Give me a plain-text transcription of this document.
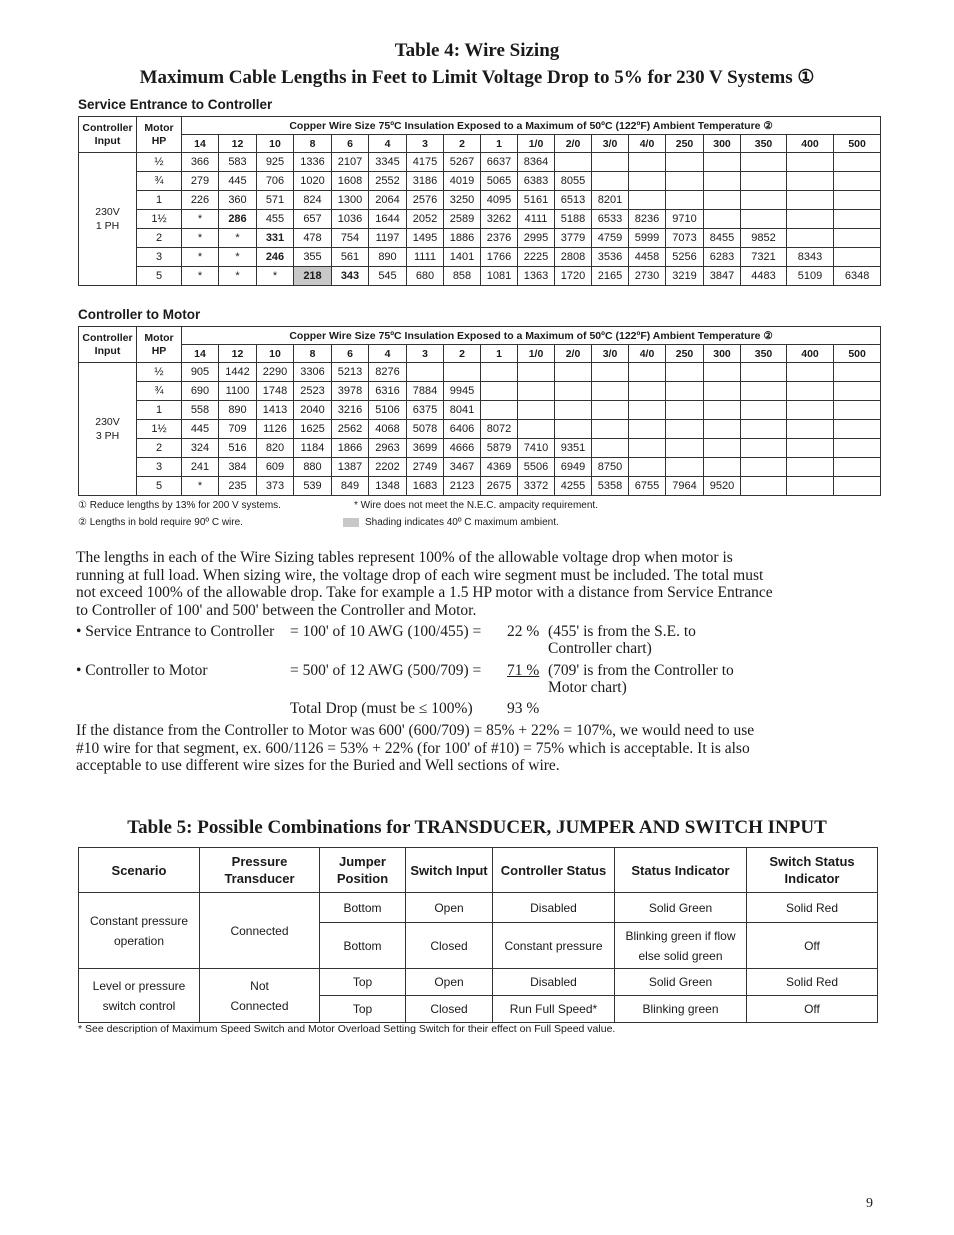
Table 4: Wire Sizing
Maximum Cable Lengths in Feet to Limit Voltage Drop to 5% for 230 V Systems ①
Service Entrance to Controller
Controller Input	Motor HP	Copper Wire Size 75ºC Insulation Exposed to a Maximum of 50ºC (122ºF) Ambient Temperature ②																	
		14	12	10	8	6	4	3	2	1	1/0	2/0	3/0	4/0	250	300	350	400	500
230V 1 PH	½	366	583	925	1336	2107	3345	4175	5267	6637	8364								
	¾	279	445	706	1020	1608	2552	3186	4019	5065	6383	8055							
	1	226	360	571	824	1300	2064	2576	3250	4095	5161	6513	8201						
	1½	*	286	455	657	1036	1644	2052	2589	3262	4111	5188	6533	8236	9710				
	2	*	*	331	478	754	1197	1495	1886	2376	2995	3779	4759	5999	7073	8455	9852		
	3	*	*	246	355	561	890	1111	1401	1766	2225	2808	3536	4458	5256	6283	7321	8343	
	5	*	*	*	218	343	545	680	858	1081	1363	1720	2165	2730	3219	3847	4483	5109	6348
Controller to Motor
Controller Input	Motor HP	Copper Wire Size 75ºC Insulation Exposed to a Maximum of 50ºC (122ºF) Ambient Temperature ②																	
		14	12	10	8	6	4	3	2	1	1/0	2/0	3/0	4/0	250	300	350	400	500
230V 3 PH	½	905	1442	2290	3306	5213	8276												
	¾	690	1100	1748	2523	3978	6316	7884	9945										
	1	558	890	1413	2040	3216	5106	6375	8041										
	1½	445	709	1126	1625	2562	4068	5078	6406	8072									
	2	324	516	820	1184	1866	2963	3699	4666	5879	7410	9351							
	3	241	384	609	880	1387	2202	2749	3467	4369	5506	6949	8750						
	5	*	235	373	539	849	1348	1683	2123	2675	3372	4255	5358	6755	7964	9520			
① Reduce lengths by 13% for 200 V systems.
② Lengths in bold require 90º C wire.
* Wire does not meet the N.E.C. ampacity requirement.
Shading indicates 40º C maximum ambient.
The lengths in each of the Wire Sizing tables represent 100% of the allowable voltage drop when motor is running at full load. When sizing wire, the voltage drop of each wire segment must be included. The total must not exceed 100% of the allowable drop. Take for example a 1.5 HP motor with a distance from Service Entrance to Controller of 100' and 500' between the Controller and Motor.
• Service Entrance to Controller = 100' of 10 AWG (100/455) = 22 % (455' is from the S.E. to
Controller chart)
• Controller to Motor	= 500' of 12 AWG (500/709) = 71 % (709' is from the Controller to
Motor chart)
Total Drop (must be ≤ 100%) 93 %
If the distance from the Controller to Motor was 600' (600/709) = 85% + 22% = 107%, we would need to use #10 wire for that segment, ex. 600/1126 = 53% + 22% (for 100' of #10) = 75% which is acceptable. It is also acceptable to use different wire sizes for the Buried and Well sections of wire.
Table 5: Possible Combinations for TRANSDUCER, JUMPER AND SWITCH INPUT
Scenario	Pressure Transducer	Jumper Position	Switch Input	Controller Status	Status Indicator	Switch Status Indicator
Constant pressure operation	Connected	Bottom	Open	Disabled	Solid Green	Solid Red
		Bottom	Closed	Constant pressure	Blinking green if flow else solid green	Off
Level or pressure switch control	Not Connected	Top	Open	Disabled	Solid Green	Solid Red
		Top	Closed	Run Full Speed*	Blinking green	Off
* See description of Maximum Speed Switch and Motor Overload Setting Switch for their effect on Full Speed value.
9
